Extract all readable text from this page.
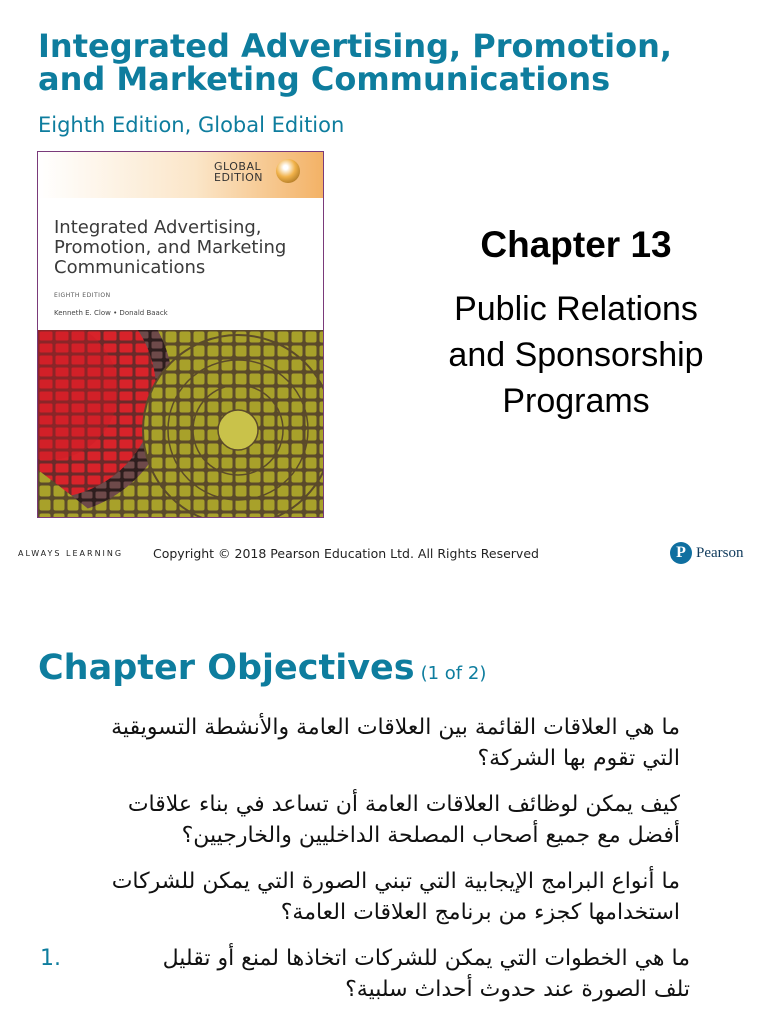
Integrated Advertising, Promotion,
and Marketing Communications
Eighth Edition, Global Edition
GLOBAL
EDITION
Integrated Advertising,
Promotion, and Marketing
Communications
EIGHTH EDITION
Kenneth E. Clow • Donald Baack
Chapter 13
Public Relations
and Sponsorship
Programs
ALWAYS LEARNING Copyright © 2018 Pearson Education Ltd. All Rights Reserved	P Pearson
Chapter Objectives (1 of 2)
ما هي العلاقات القائمة بين العلاقات العامة والأنشطة التسويقية
التي تقوم بها الشركة؟
كيف يمكن لوظائف العلاقات العامة أن تساعد في بناء علاقات
أفضل مع جميع أصحاب المصلحة الداخليين والخارجيين؟
ما أنواع البرامج الإيجابية التي تبني الصورة التي يمكن للشركات
استخدامها كجزء من برنامج العلاقات العامة؟
1.	ما هي الخطوات التي يمكن للشركات اتخاذها لمنع أو تقليل
تلف الصورة عند حدوث أحداث سلبية؟
